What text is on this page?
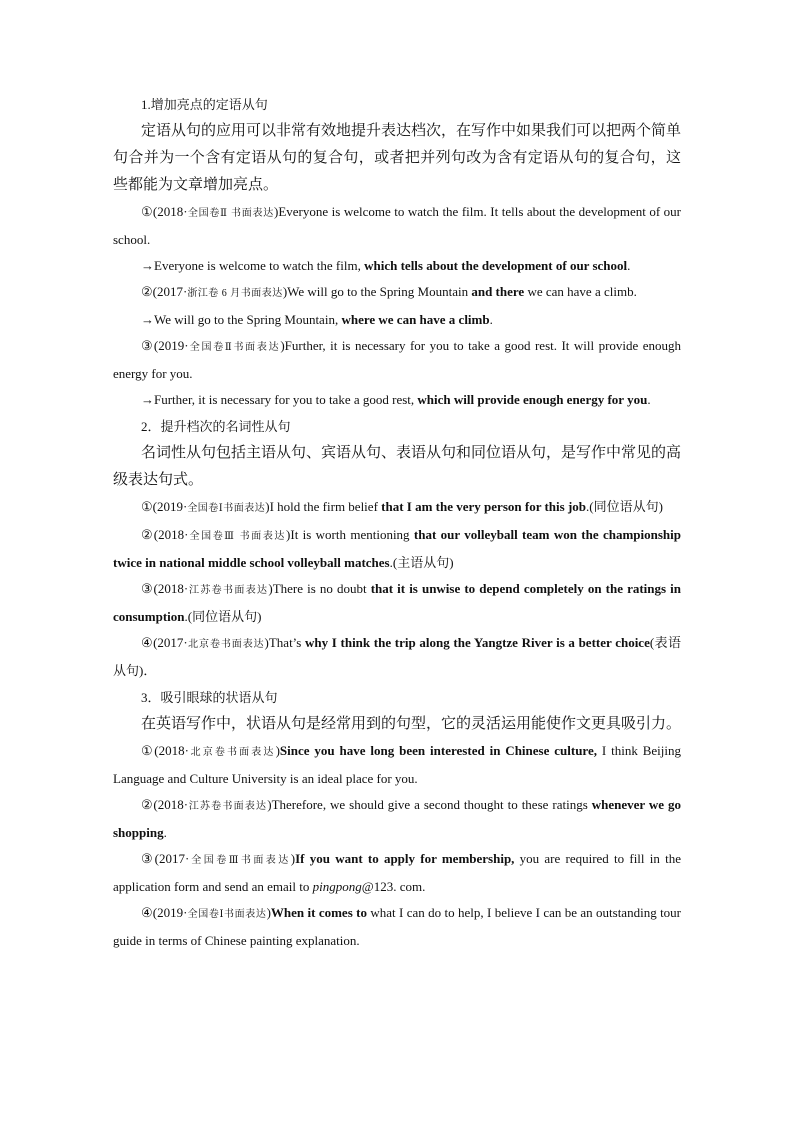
1.增加亮点的定语从句

定语从句的应用可以非常有效地提升表达档次，在写作中如果我们可以把两个简单句合并为一个含有定语从句的复合句，或者把并列句改为含有定语从句的复合句，这些都能为文章增加亮点。

①(2018·全国卷Ⅱ 书面表达)Everyone is welcome to watch the film. It tells about the development of our school.

→Everyone is welcome to watch the film, which tells about the development of our school.

②(2017·浙江卷 6 月书面表达)We will go to the Spring Mountain and there we can have a climb.

→We will go to the Spring Mountain, where we can have a climb.

③(2019·全国卷Ⅱ书面表达)Further, it is necessary for you to take a good rest. It will provide enough energy for you.

→Further, it is necessary for you to take a good rest, which will provide enough energy for you.

2．提升档次的名词性从句

名词性从句包括主语从句、宾语从句、表语从句和同位语从句，是写作中常见的高级表达句式。

①(2019·全国卷Ⅰ书面表达)I hold the firm belief that I am the very person for this job.(同位语从句)

②(2018·全国卷Ⅲ 书面表达)It is worth mentioning that our volleyball team won the championship twice in national middle school volleyball matches.(主语从句)

③(2018·江苏卷书面表达)There is no doubt that it is unwise to depend completely on the ratings in consumption.(同位语从句)

④(2017·北京卷书面表达)That’s why I think the trip along the Yangtze River is a better choice(表语从句)．

3．吸引眼球的状语从句

在英语写作中，状语从句是经常用到的句型，它的灵活运用能使作文更具吸引力。

①(2018·北京卷书面表达)Since you have long been interested in Chinese culture, I think Beijing Language and Culture University is an ideal place for you.

②(2018·江苏卷书面表达)Therefore, we should give a second thought to these ratings whenever we go shopping.

③(2017·全国卷Ⅲ书面表达)If you want to apply for membership, you are required to fill in the application form and send an email to pingpong@123. com.

④(2019·全国卷Ⅰ书面表达)When it comes to what I can do to help, I believe I can be an outstanding tour guide in terms of Chinese painting explanation.
